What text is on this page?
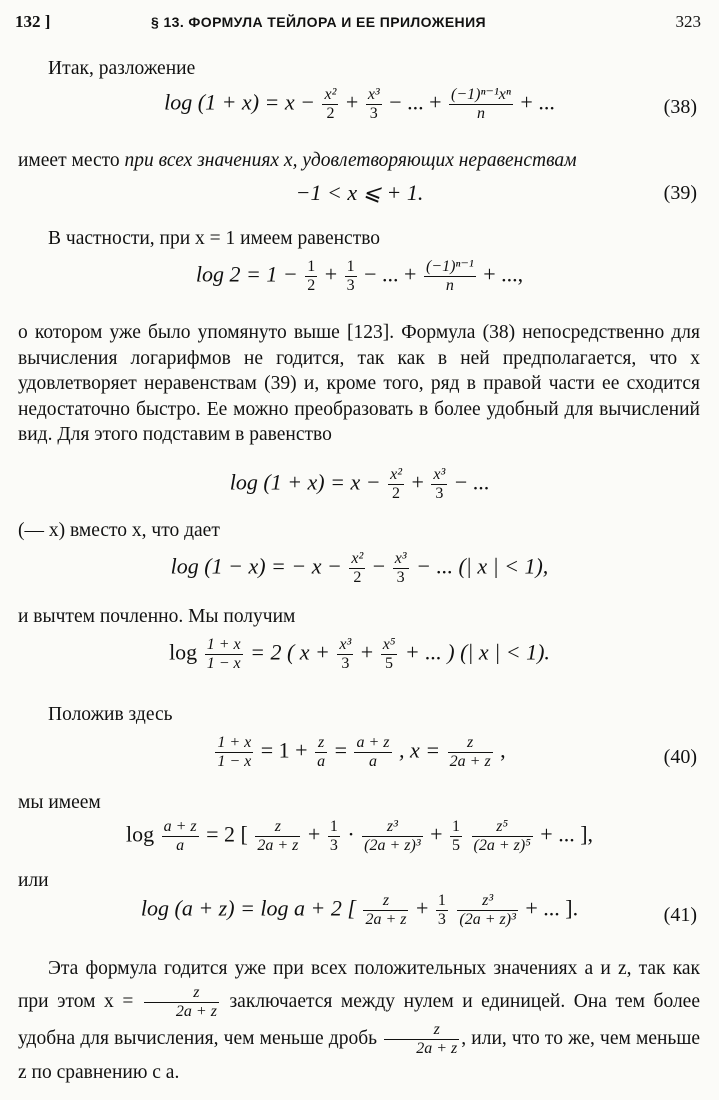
132 ]	§ 13. ФОРМУЛА ТЕЙЛОРА И ЕЕ ПРИЛОЖЕНИЯ	323
Итак, разложение
$\log (1 + x) = x - \frac{\text{x²}}{2} + \frac{\text{x³}}{3}$ − ... + $\frac{\text{(−1)ⁿ⁻¹xⁿ}}{n}$ + ...	(38)
имеет место при всех значениях x, удовлетворяющих неравенствам
−1 < x ⩽ + 1.	(39)
В частности, при x = 1 имеем равенство
$\log 2 = 1 - \frac{1}{2} + \frac{1}{3}$ − ... + $\frac{\text{(−1)ⁿ⁻¹}}{n}$ + ...,
о котором уже было упомянуто выше [123]. Формула (38) непосредственно для вычисления логарифмов не годится, так как в ней предполагается, что x удовлетворяет неравенствам (39) и, кроме того, ряд в правой части ее сходится недостаточно быстро. Ее можно преобразовать в более удобный для вычислений вид. Для этого подставим в равенство
$\log (1 + x) = x - \frac{\text{x²}}{2} + \frac{\text{x³}}{3}$ − ...
(— x) вместо x, что дает
log (1 − x) = − $x - \frac{\text{x²}}{2} - \frac{\text{x³}}{3}$ − ... (| x | < 1),
и вычтем почленно. Мы получим
$\log \frac{1 + x}{1 - x} = 2$ ( $x + \frac{\text{x³}}{3} + \frac{\text{x⁵}}{5}$ + ... ) (| x | < 1).
Положив здесь
$\frac{1 + x}{1 - x} = 1 + \frac{z}{a} = \frac{a + z}{a}$ , $x = \frac{z}{2a + z}$ ,	(40)
мы имеем
$\log \frac{a + z}{a} = 2$ [ $\frac{z}{2a + z} + \frac{1}{3} \cdot \frac{\text{z³}}{\text{(2a + z)³}} + \frac{1}{5}$
$\frac{\text{z⁵}}{\text{(2a + z)⁵}}$ + ... ],
или
log (a + z) = log a + 2 [ $\frac{z}{2a + z} + \frac{1}{3}$
$\frac{\text{z³}}{\text{(2a + z)³}}$ + ... ].	(41)
Эта формула годится уже при всех положительных значениях a и z, так как при этом $x = \frac{z}{2a + z}$ заключается между нулем и единицей. Она тем более удобна для вычисления, чем меньше дробь $\frac{z}{2a + z}$ , или, что то же, чем меньше z по сравнению с a.
